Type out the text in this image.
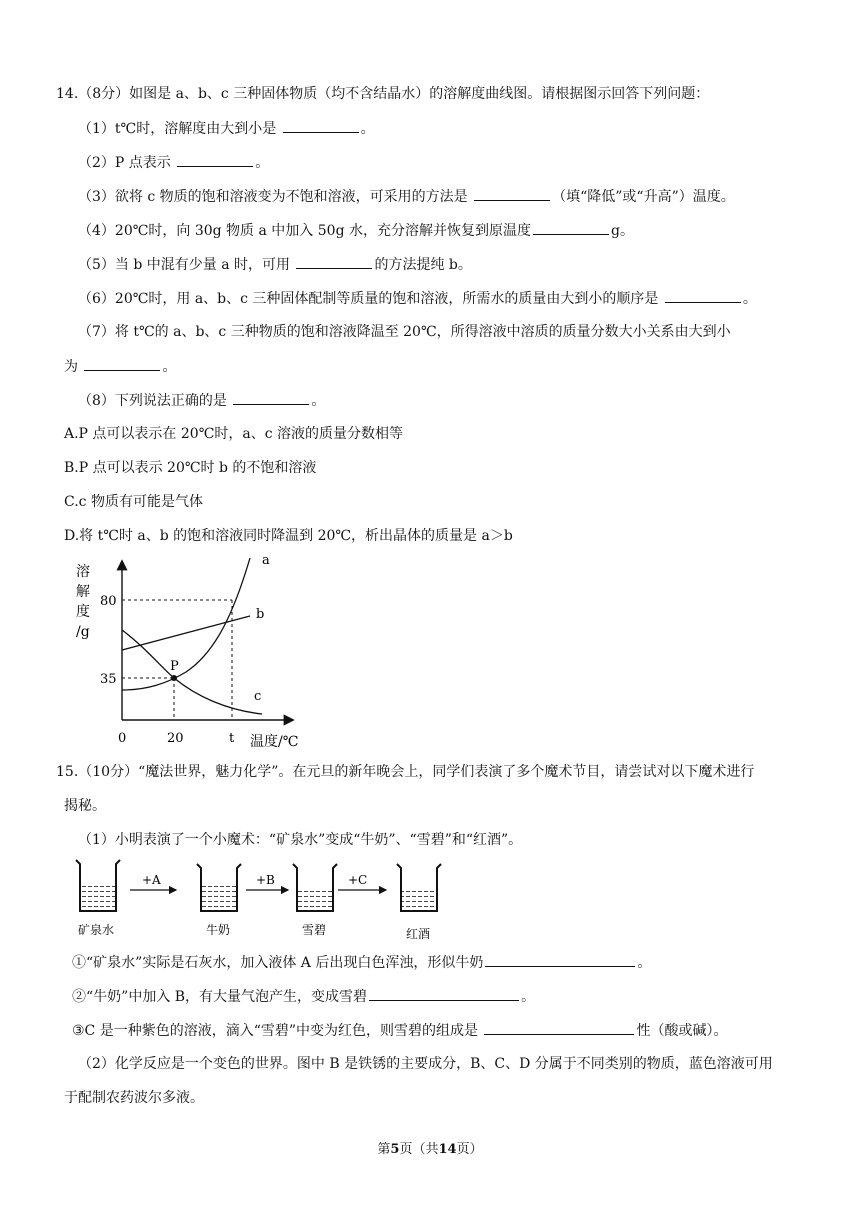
14.（8分）如图是 a、b、c 三种固体物质（均不含结晶水）的溶解度曲线图。请根据图示回答下列问题：
（1）t℃时，溶解度由大到小是	。
（2）P 点表示	。
（3）欲将 c 物质的饱和溶液变为不饱和溶液，可采用的方法是	（填“降低”或“升高”）温度。
（4）20℃时，向 30g 物质 a 中加入 50g 水，充分溶解并恢复到原温度	g。
（5）当 b 中混有少量 a 时，可用	的方法提纯 b。
（6）20℃时，用 a、b、c 三种固体配制等质量的饱和溶液，所需水的质量由大到小的顺序是	。
（7）将 t℃的 a、b、c 三种物质的饱和溶液降温至 20℃，所得溶液中溶质的质量分数大小关系由大到小
为	。
（8）下列说法正确的是	。
A.P 点可以表示在 20℃时，a、c 溶液的质量分数相等
B.P 点可以表示 20℃时 b 的不饱和溶液
C.c 物质有可能是气体
D.将 t℃时 a、b 的饱和溶液同时降温到 20℃，析出晶体的质量是 a＞b
P
a
b
c
溶
解
度
/g
80
35
0	20	t 温度/℃
15.（10分）“魔法世界，魅力化学”。在元旦的新年晚会上，同学们表演了多个魔术节目，请尝试对以下魔术进行
揭秘。
（1）小明表演了一个小魔术：“矿泉水”变成“牛奶”、“雪碧”和“红酒”。
+A	+B	+C
矿泉水	牛奶	雪碧	红酒
①“矿泉水”实际是石灰水，加入液体 A 后出现白色浑浊，形似牛奶	。
②“牛奶”中加入 B，有大量气泡产生，变成雪碧	。
③C 是一种紫色的溶液，滴入“雪碧”中变为红色，则雪碧的组成是	性（酸或碱）。
（2）化学反应是一个变色的世界。图中 B 是铁锈的主要成分，B、C、D 分属于不同类别的物质，蓝色溶液可用
于配制农药波尔多液。
第5页（共14页）
